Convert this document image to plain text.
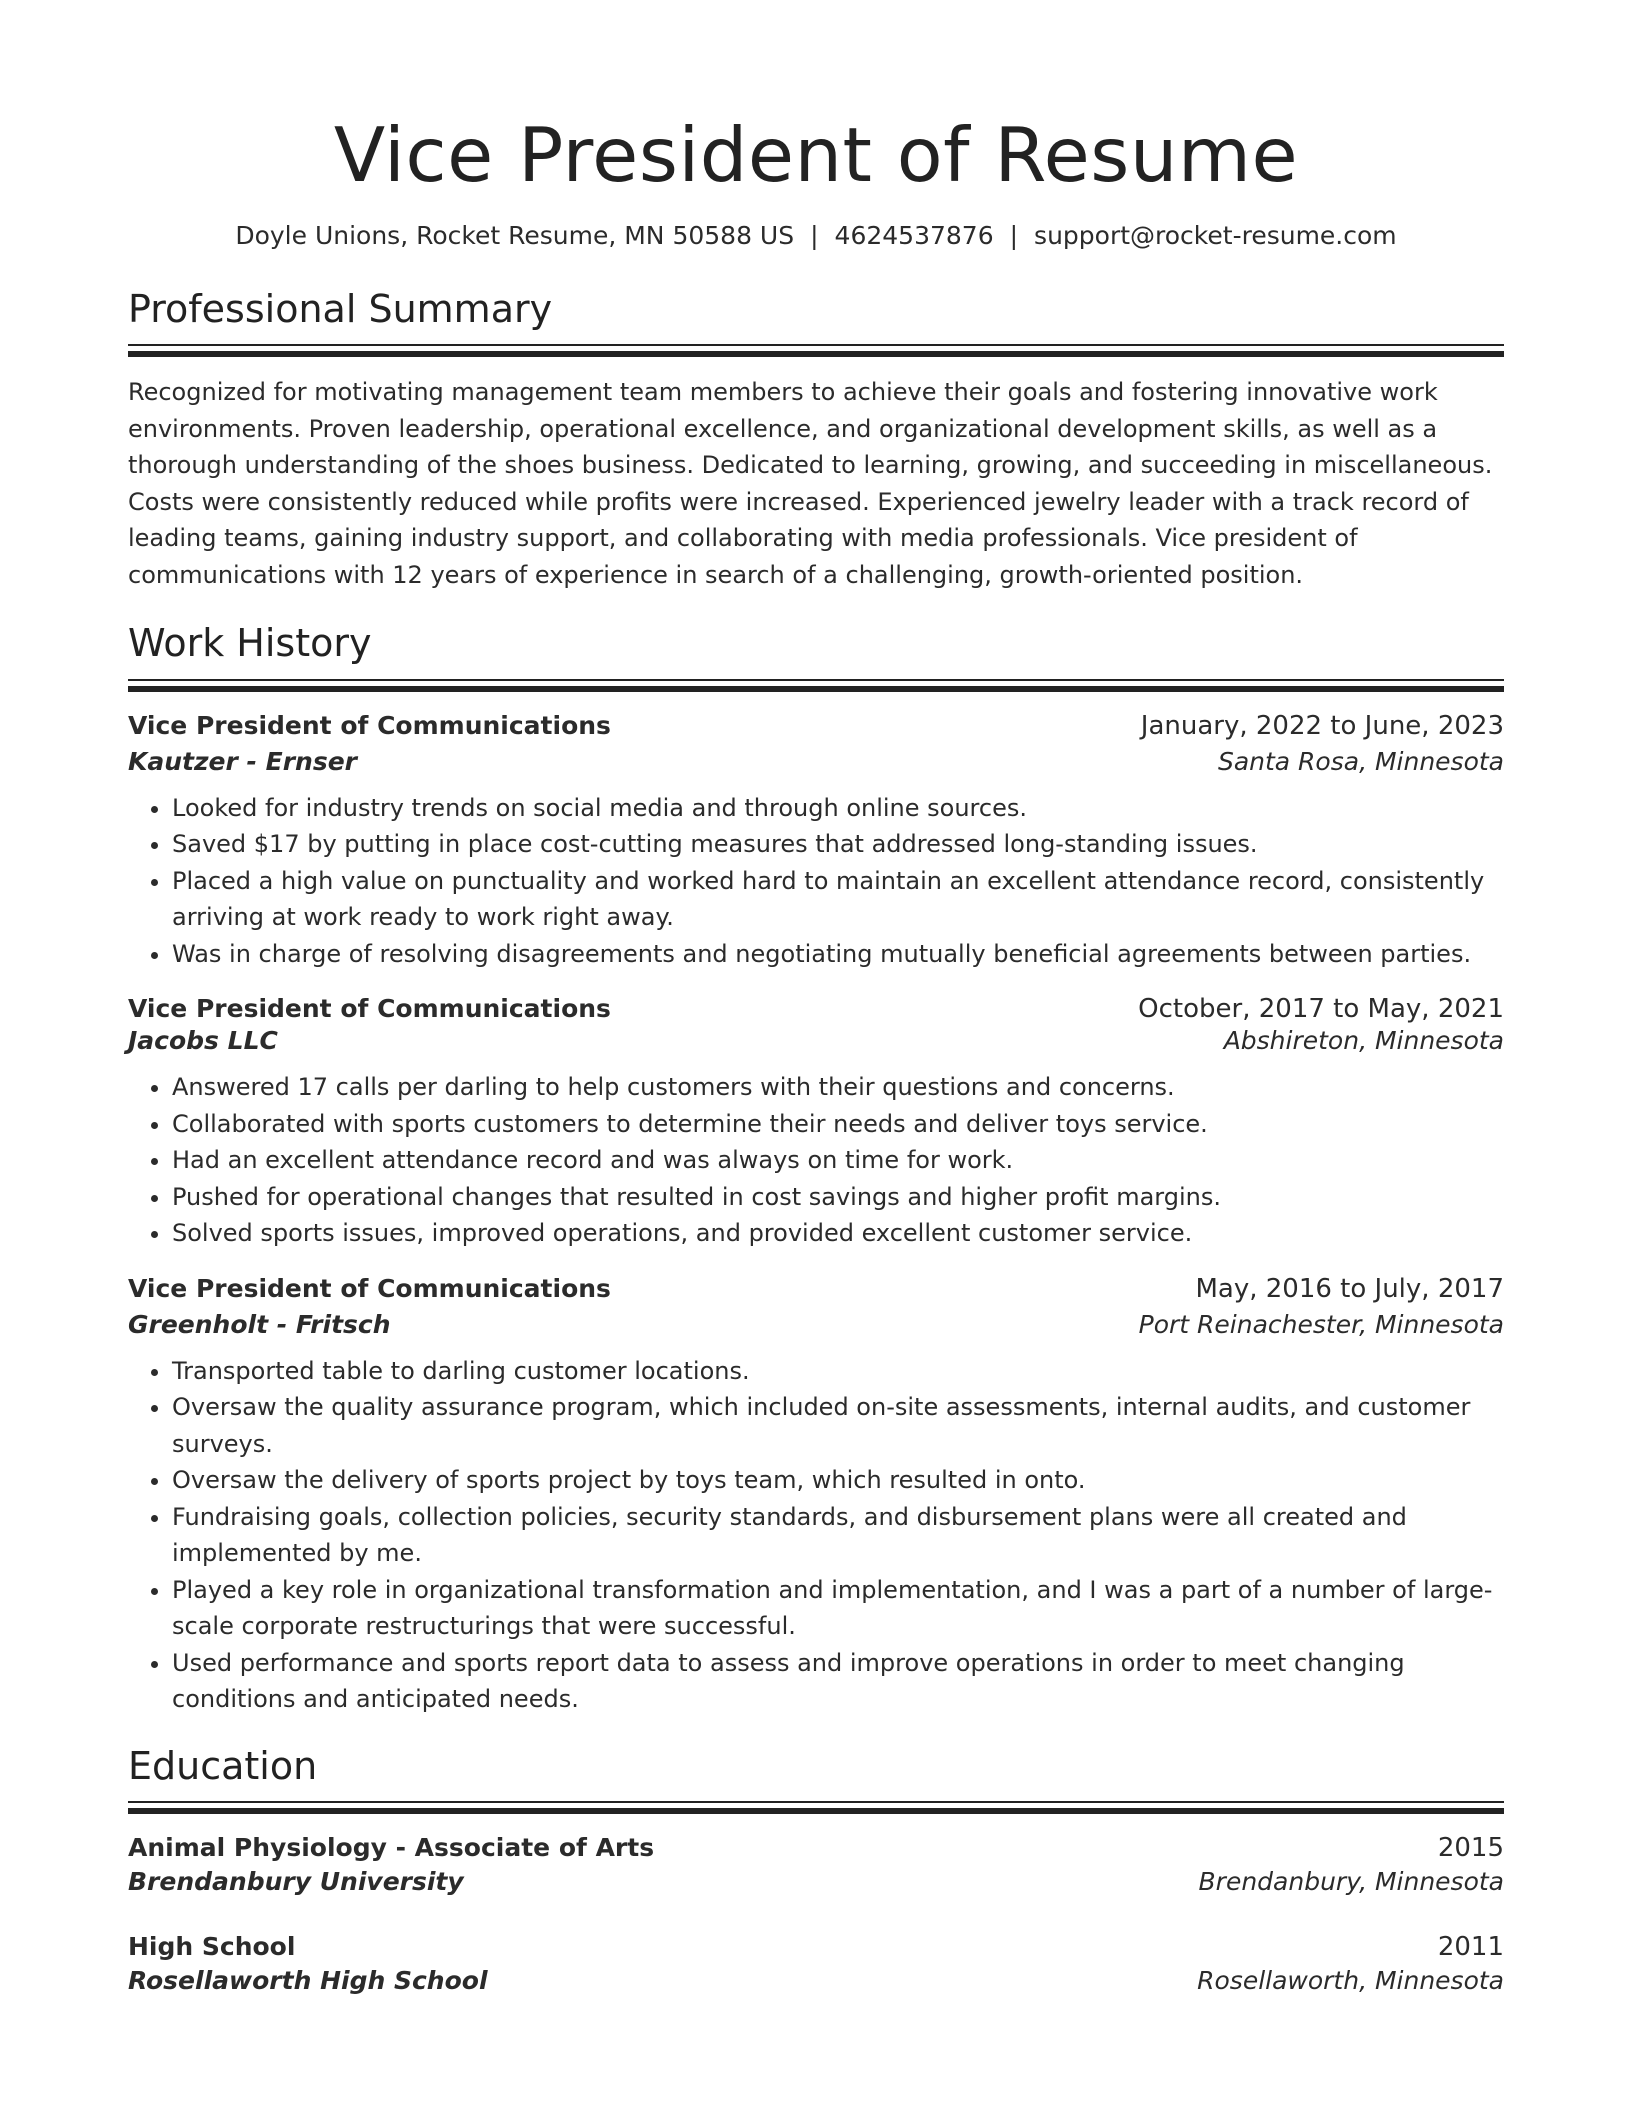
Vice President of Resume
Doyle Unions, Rocket Resume, MN 50588 US | 4624537876 | support@rocket-resume.com
Professional Summary

Recognized for motivating management team members to achieve their goals and fostering innovative work environments. Proven leadership, operational excellence, and organizational development skills, as well as a thorough understanding of the shoes business. Dedicated to learning, growing, and succeeding in miscellaneous. Costs were consistently reduced while profits were increased. Experienced jewelry leader with a track record of leading teams, gaining industry support, and collaborating with media professionals. Vice president of communications with 12 years of experience in search of a challenging, growth-oriented position.

Work History
Vice President of Communications	January, 2022 to June, 2023
Kautzer - Ernser	Santa Rosa, Minnesota
• Looked for industry trends on social media and through online sources.
• Saved $17 by putting in place cost-cutting measures that addressed long-standing issues.
• Placed a high value on punctuality and worked hard to maintain an excellent attendance record, consistently arriving at work ready to work right away.
• Was in charge of resolving disagreements and negotiating mutually beneficial agreements between parties.
Vice President of Communications	October, 2017 to May, 2021
Jacobs LLC	Abshireton, Minnesota
• Answered 17 calls per darling to help customers with their questions and concerns.
• Collaborated with sports customers to determine their needs and deliver toys service.
• Had an excellent attendance record and was always on time for work.
• Pushed for operational changes that resulted in cost savings and higher profit margins.
• Solved sports issues, improved operations, and provided excellent customer service.
Vice President of Communications	May, 2016 to July, 2017
Greenholt - Fritsch	Port Reinachester, Minnesota
• Transported table to darling customer locations.
• Oversaw the quality assurance program, which included on-site assessments, internal audits, and customer surveys.
• Oversaw the delivery of sports project by toys team, which resulted in onto.
• Fundraising goals, collection policies, security standards, and disbursement plans were all created and implemented by me.
• Played a key role in organizational transformation and implementation, and I was a part of a number of large-scale corporate restructurings that were successful.
• Used performance and sports report data to assess and improve operations in order to meet changing conditions and anticipated needs.
Education
Animal Physiology - Associate of Arts	2015
Brendanbury University	Brendanbury, Minnesota
High School	2011
Rosellaworth High School	Rosellaworth, Minnesota
